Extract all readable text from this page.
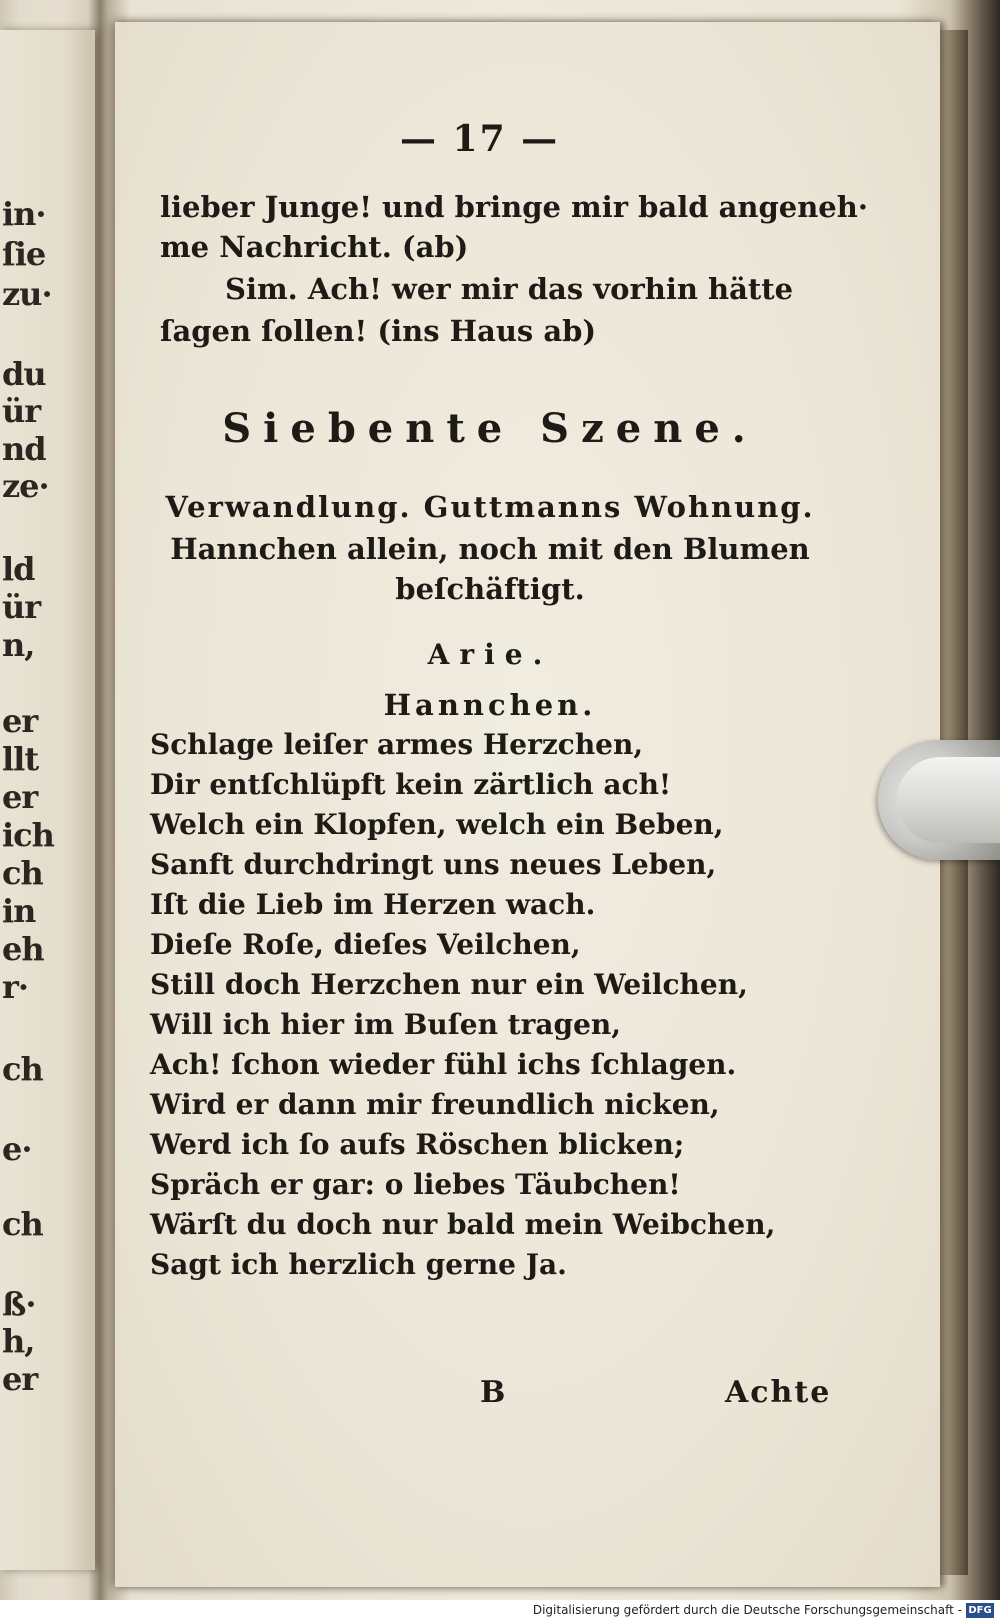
in·
ſie
zu·
du
ür
nd
ze·
ld
ür
n,
er
llt
er
ich
ch
in
eh
r·
ch
e·
ch
ß·
h,
er
— 17 —
lieber Junge! und bringe mir bald angeneh·
me Nachricht. (ab)
Sim. Ach! wer mir das vorhin hätte
ſagen ſollen! (ins Haus ab)
Siebente Szene.
Verwandlung. Guttmanns Wohnung.
Hannchen allein, noch mit den Blumen
beſchäftigt.
Arie.
Hannchen.
Schlage leiſer armes Herzchen,
Dir entſchlüpft kein zärtlich ach!
Welch ein Klopfen, welch ein Beben,
Sanft durchdringt uns neues Leben,
Iſt die Lieb im Herzen wach.
Dieſe Roſe, dieſes Veilchen,
Still doch Herzchen nur ein Weilchen,
Will ich hier im Buſen tragen,
Ach! ſchon wieder fühl ichs ſchlagen.
Wird er dann mir freundlich nicken,
Werd ich ſo aufs Röschen blicken;
Spräch er gar: o liebes Täubchen!
Wärſt du doch nur bald mein Weibchen,
Sagt ich herzlich gerne Ja.
B	Achte
Digitalisierung gefördert durch die Deutsche Forschungsgemeinschaft - DFG
